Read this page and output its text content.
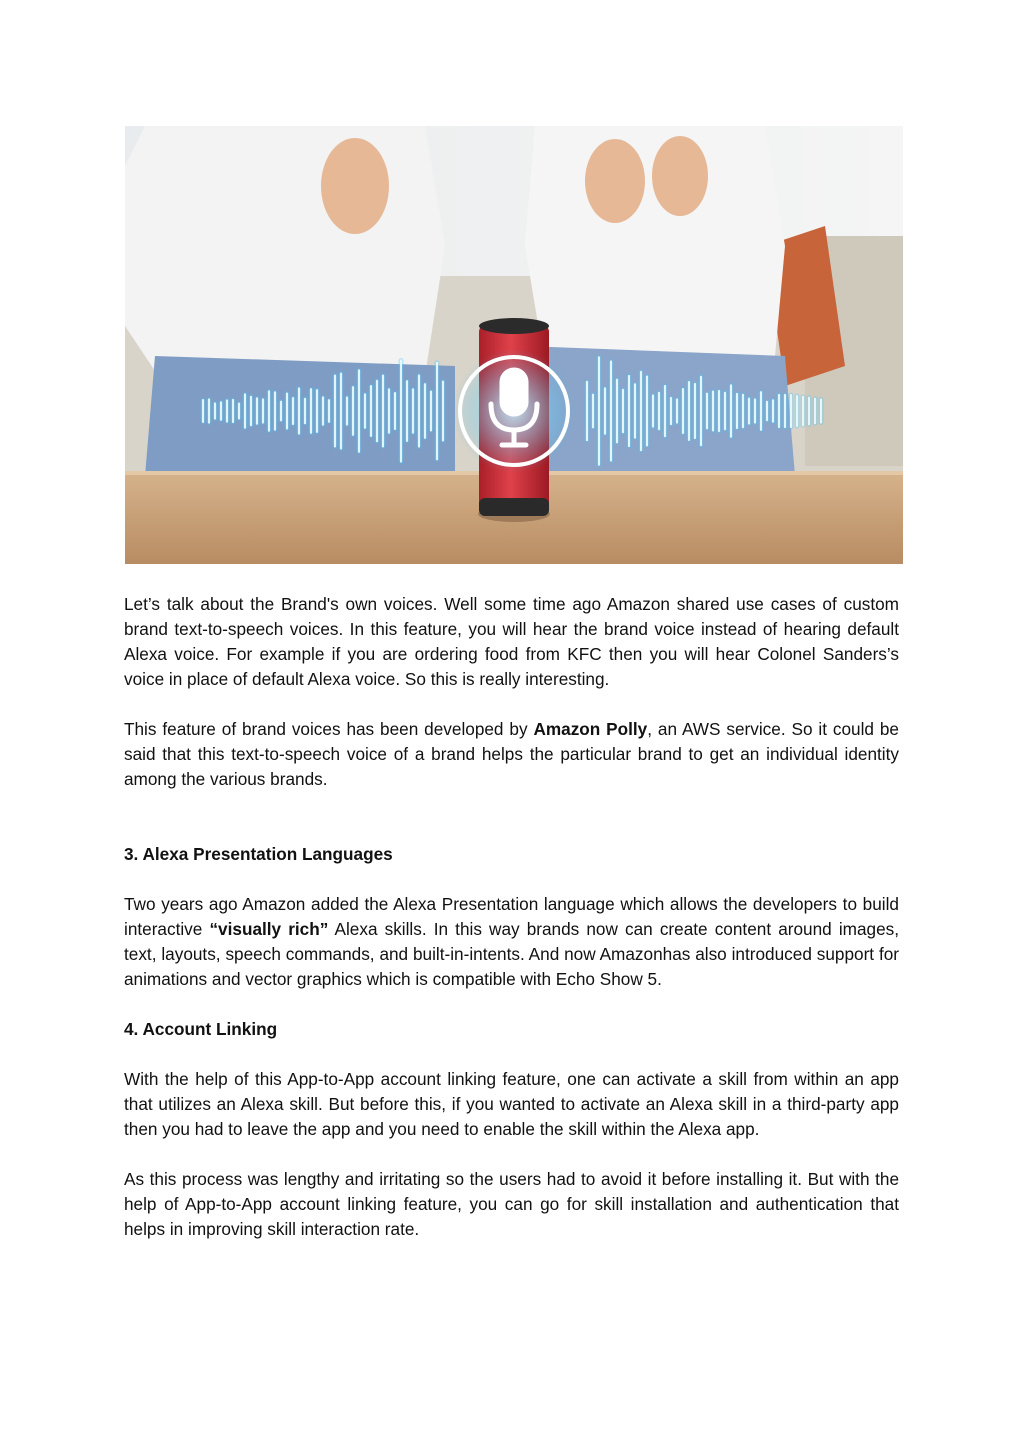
Let’s talk about the Brand's own voices. Well some time ago Amazon shared use cases of custom brand text-to-speech voices. In this feature, you will hear the brand voice instead of hearing default Alexa voice. For example if you are ordering food from KFC then you will hear Colonel Sanders’s voice in place of default Alexa voice. So this is really interesting.

This feature of brand voices has been developed by Amazon Polly, an AWS service. So it could be said that this text-to-speech voice of a brand helps the particular brand to get an individual identity among the various brands.

3. Alexa Presentation Languages

Two years ago Amazon added the Alexa Presentation language which allows the developers to build interactive “visually rich” Alexa skills. In this way brands now can create content around images, text, layouts, speech commands, and built-in-intents. And now Amazonhas also introduced support for animations and vector graphics which is compatible with Echo Show 5.

4. Account Linking

With the help of this App-to-App account linking feature, one can activate a skill from within an app that utilizes an Alexa skill. But before this, if you wanted to activate an Alexa skill in a third-party app then you had to leave the app and you need to enable the skill within the Alexa app.

As this process was lengthy and irritating so the users had to avoid it before installing it. But with the help of App-to-App account linking feature, you can go for skill installation and authentication that helps in improving skill interaction rate.
